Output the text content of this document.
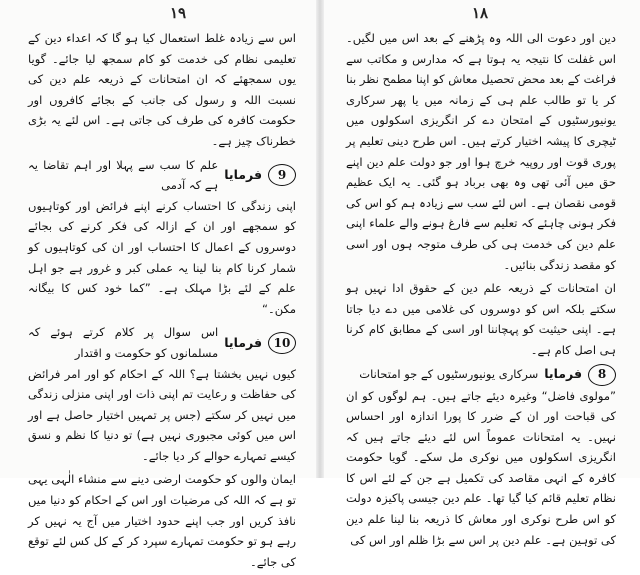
١٩

اس سے زیادہ غلط استعمال کیا ہو گا کہ اعداء دین کے تعلیمی نظام کی خدمت کو کام سمجھ لیا جائے۔ گویا یوں سمجھئے کہ ان امتحانات کے ذریعہ علم دین کی نسبت اللہ و رسول کی جانب کے بجائے کافروں اور حکومت کافرہ کی طرف کی جاتی ہے۔ اس لئے یہ بڑی خطرناک چیز ہے۔

9
فرمایا
علم کا سب سے پہلا اور اہم تقاضا یہ ہے کہ آدمی

اپنی زندگی کا احتساب کرنے اپنے فرائض اور کوتاہیوں کو سمجھے اور ان کے ازالہ کی فکر کرنے کی بجائے دوسروں کے اعمال کا احتساب اور ان کی کوتاہیوں کو شمار کرنا کام بنا لینا یہ عملی کبر و غرور ہے جو اہل علم کے لئے بڑا مہلک ہے۔ ”کما خود کس کا بیگانہ مکن۔“

10
فرمایا
اس سوال پر کلام کرتے ہوئے کہ مسلمانوں کو حکومت و اقتدار

کیوں نہیں بخشتا ہے؟ اللہ کے احکام کو اور امر فرائض کی حفاظت و رعایت تم اپنی ذات اور اپنی منزلی زندگی میں نہیں کر سکتے (جس پر تمہیں اختیار حاصل ہے اور اس میں کوئی مجبوری نہیں ہے) تو دنیا کا نظم و نسق کیسے تمہارے حوالے کر دیا جائے۔

ایمان والوں کو حکومت ارضی دینے سے منشاء الٰہی یہی تو ہے کہ اللہ کی مرضیات اور اس کے احکام کو دنیا میں نافذ کریں اور جب اپنے حدود اختیار میں آج یہ نہیں کر رہے ہو تو حکومت تمہارے سپرد کر کے کل کس لئے توقع کی جائے۔

١٨

دین اور دعوت الی اللہ وہ پڑھنے کے بعد اس میں لگیں۔ اس غفلت کا نتیجہ یہ ہوتا ہے کہ مدارس و مکاتب سے فراغت کے بعد محض تحصیل معاش کو اپنا مطمح نظر بنا کر یا تو طالب علم ہی کے زمانہ میں یا پھر سرکاری یونیورسٹیوں کے امتحان دے کر انگریزی اسکولوں میں ٹیچری کا پیشہ اختیار کرتے ہیں۔ اس طرح دینی تعلیم پر پوری قوت اور روپیہ خرچ ہوا اور جو دولت علم دین اپنے حق میں آئی تھی وہ بھی برباد ہو گئی۔ یہ ایک عظیم قومی نقصان ہے۔ اس لئے سب سے زیادہ ہم کو اس کی فکر ہونی چاہئے کہ تعلیم سے فارغ ہونے والے علماء اپنی علم دین کی خدمت ہی کی طرف متوجہ ہوں اور اسی کو مقصد زندگی بنائیں۔

ان امتحانات کے ذریعہ علم دین کے حقوق ادا نہیں ہو سکتے بلکہ اس کو دوسروں کی غلامی میں دے دیا جاتا ہے۔ اپنی حیثیت کو پہچاننا اور اسی کے مطابق کام کرنا ہی اصل کام ہے۔

8
فرمایا
سرکاری یونیورسٹیوں کے جو امتحانات

”مولوی فاضل“ وغیرہ دیئے جاتے ہیں۔ ہم لوگوں کو ان کی قباحت اور ان کے ضرر کا پورا اندازہ اور احساس نہیں۔ یہ امتحانات عموماً اس لئے دیئے جاتے ہیں کہ انگریزی اسکولوں میں نوکری مل سکے۔ گویا حکومت کافرہ کے انہی مقاصد کی تکمیل ہے جن کے لئے اس کا نظام تعلیم قائم کیا گیا تھا۔ علم دین جیسی پاکیزہ دولت کو اس طرح نوکری اور معاش کا ذریعہ بنا لینا علم دین کی توہین ہے۔ علم دین پر اس سے بڑا ظلم اور اس کی
